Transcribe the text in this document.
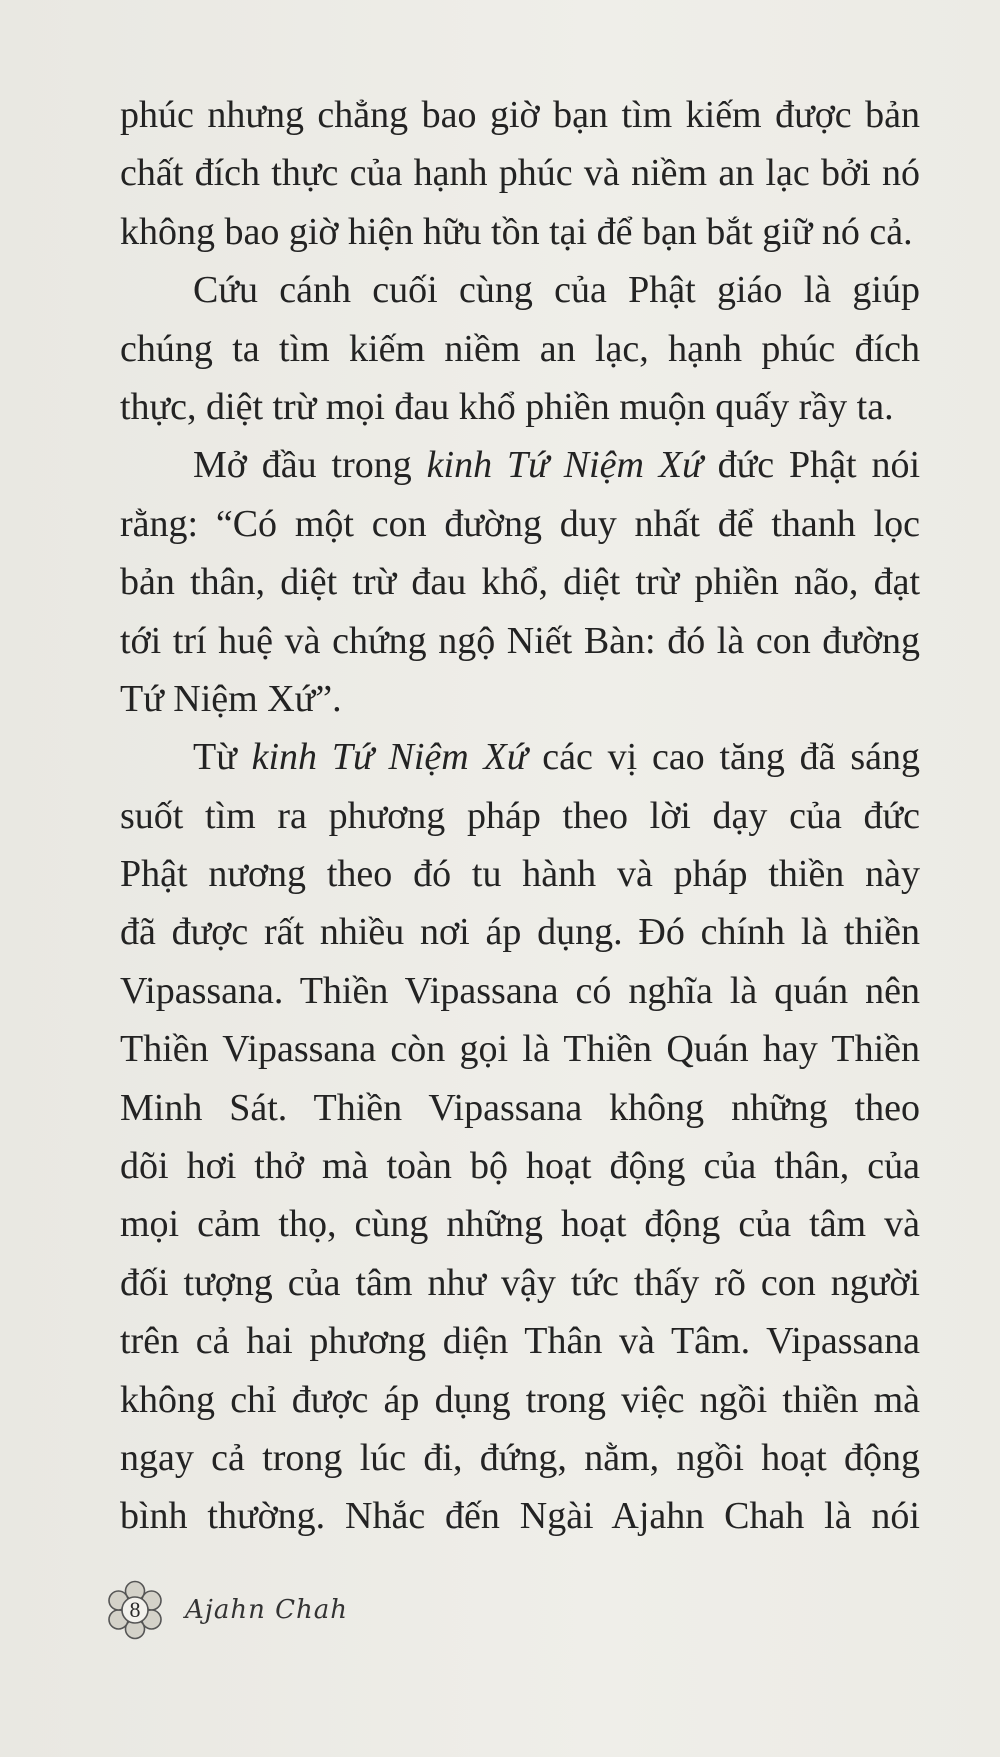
phúc nhưng chẳng bao giờ bạn tìm kiếm được bản
chất đích thực của hạnh phúc và niềm an lạc bởi nó
không bao giờ hiện hữu tồn tại để bạn bắt giữ nó cả.
Cứu cánh cuối cùng của Phật giáo là giúp
chúng ta tìm kiếm niềm an lạc, hạnh phúc đích
thực, diệt trừ mọi đau khổ phiền muộn quấy rầy ta.
Mở đầu trong kinh Tứ Niệm Xứ đức Phật nói
rằng: “Có một con đường duy nhất để thanh lọc
bản thân, diệt trừ đau khổ, diệt trừ phiền não, đạt
tới trí huệ và chứng ngộ Niết Bàn: đó là con đường
Tứ Niệm Xứ”.
Từ kinh Tứ Niệm Xứ các vị cao tăng đã sáng
suốt tìm ra phương pháp theo lời dạy của đức
Phật nương theo đó tu hành và pháp thiền này
đã được rất nhiều nơi áp dụng. Đó chính là thiền
Vipassana. Thiền Vipassana có nghĩa là quán nên
Thiền Vipassana còn gọi là Thiền Quán hay Thiền
Minh Sát. Thiền Vipassana không những theo
dõi hơi thở mà toàn bộ hoạt động của thân, của
mọi cảm thọ, cùng những hoạt động của tâm và
đối tượng của tâm như vậy tức thấy rõ con người
trên cả hai phương diện Thân và Tâm. Vipassana
không chỉ được áp dụng trong việc ngồi thiền mà
ngay cả trong lúc đi, đứng, nằm, ngồi hoạt động
bình thường. Nhắc đến Ngài Ajahn Chah là nói
8	Ajahn Chah
